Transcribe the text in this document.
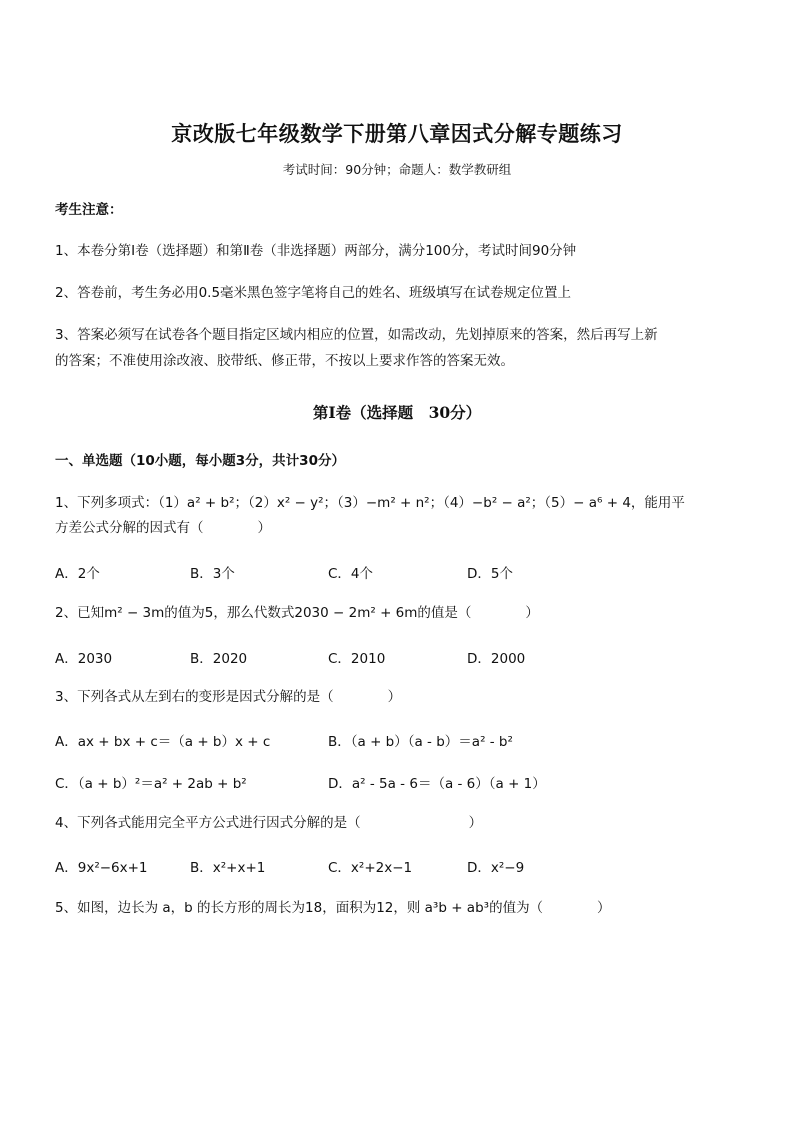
京改版七年级数学下册第八章因式分解专题练习
考试时间：90分钟；命题人：数学教研组
考生注意：
1、本卷分第Ⅰ卷（选择题）和第Ⅱ卷（非选择题）两部分，满分100分，考试时间90分钟
2、答卷前，考生务必用0.5毫米黑色签字笔将自己的姓名、班级填写在试卷规定位置上
3、答案必须写在试卷各个题目指定区域内相应的位置，如需改动，先划掉原来的答案，然后再写上新
的答案；不准使用涂改液、胶带纸、修正带，不按以上要求作答的答案无效。
第Ⅰ卷（选择题　30分）
一、单选题（10小题，每小题3分，共计30分）
1、下列多项式：（1）a² + b²；（2）x² − y²；（3）−m² + n²；（4）−b² − a²；（5）− a⁶ + 4，能用平
方差公式分解的因式有（　　　　）
A．2个	B．3个	C．4个	D．5个
2、已知m² − 3m的值为5，那么代数式2030 − 2m² + 6m的值是（　　　　）
A．2030	B．2020	C．2010	D．2000
3、下列各式从左到右的变形是因式分解的是（　　　　）
A．ax + bx + c＝（a + b）x + c	B．（a + b）（a - b）＝a² - b²
C．（a + b）²＝a² + 2ab + b²	D．a² - 5a - 6＝（a - 6）（a + 1）
4、下列各式能用完全平方公式进行因式分解的是（　　　　　　　　）
A．9x²−6x+1	B．x²+x+1	C．x²+2x−1	D．x²−9
5、如图，边长为 a，b 的长方形的周长为18，面积为12，则 a³b + ab³的值为（　　　　）
